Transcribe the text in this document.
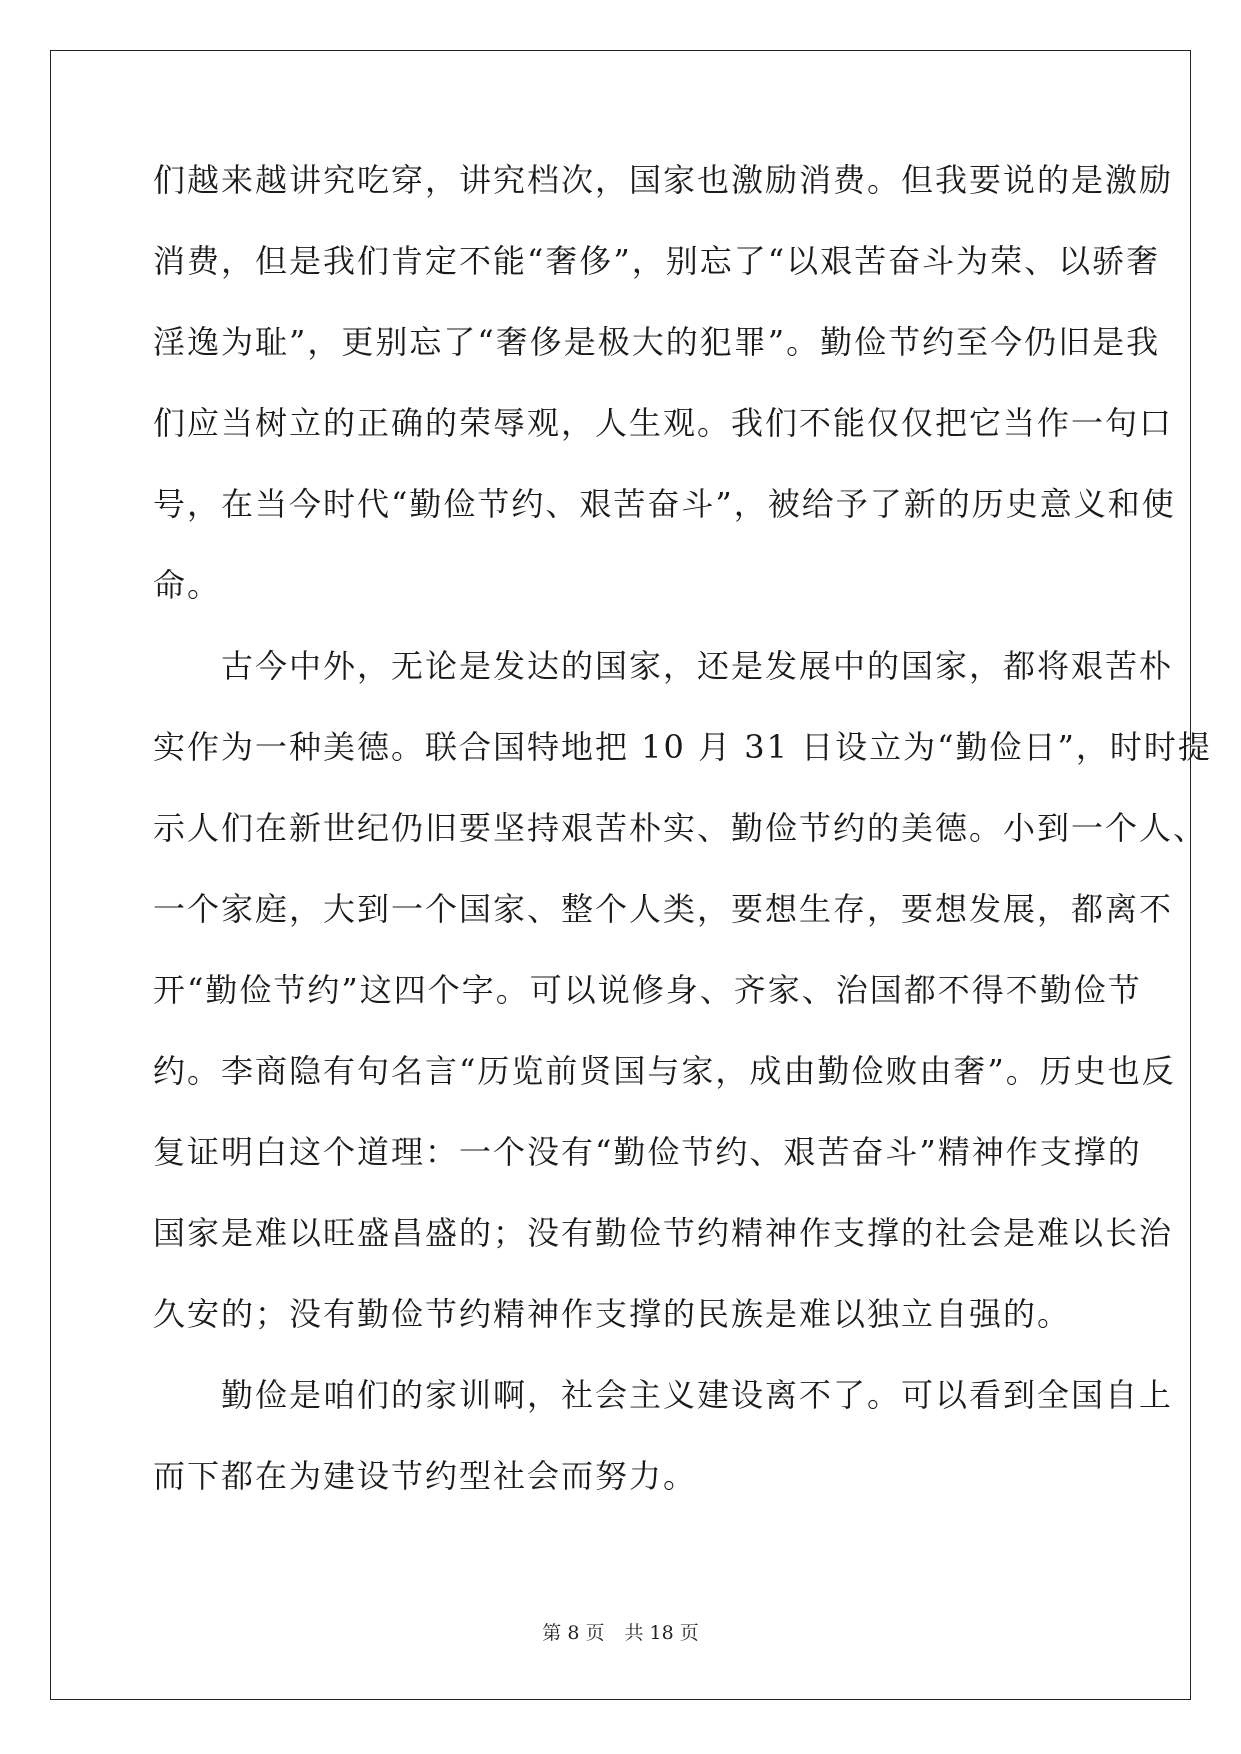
们越来越讲究吃穿，讲究档次，国家也激励消费。但我要说的是激励
消费，但是我们肯定不能“奢侈”，别忘了“以艰苦奋斗为荣、以骄奢
淫逸为耻”，更别忘了“奢侈是极大的犯罪”。勤俭节约至今仍旧是我
们应当树立的正确的荣辱观，人生观。我们不能仅仅把它当作一句口
号，在当今时代“勤俭节约、艰苦奋斗”，被给予了新的历史意义和使
命。
　　古今中外，无论是发达的国家，还是发展中的国家，都将艰苦朴
实作为一种美德。联合国特地把 10 月 31 日设立为“勤俭日”，时时提
示人们在新世纪仍旧要坚持艰苦朴实、勤俭节约的美德。小到一个人、
一个家庭，大到一个国家、整个人类，要想生存，要想发展，都离不
开“勤俭节约”这四个字。可以说修身、齐家、治国都不得不勤俭节
约。李商隐有句名言“历览前贤国与家，成由勤俭败由奢”。历史也反
复证明白这个道理：一个没有“勤俭节约、艰苦奋斗”精神作支撑的
国家是难以旺盛昌盛的；没有勤俭节约精神作支撑的社会是难以长治
久安的；没有勤俭节约精神作支撑的民族是难以独立自强的。
　　勤俭是咱们的家训啊，社会主义建设离不了。可以看到全国自上
而下都在为建设节约型社会而努力。
第 8 页 共 18 页
